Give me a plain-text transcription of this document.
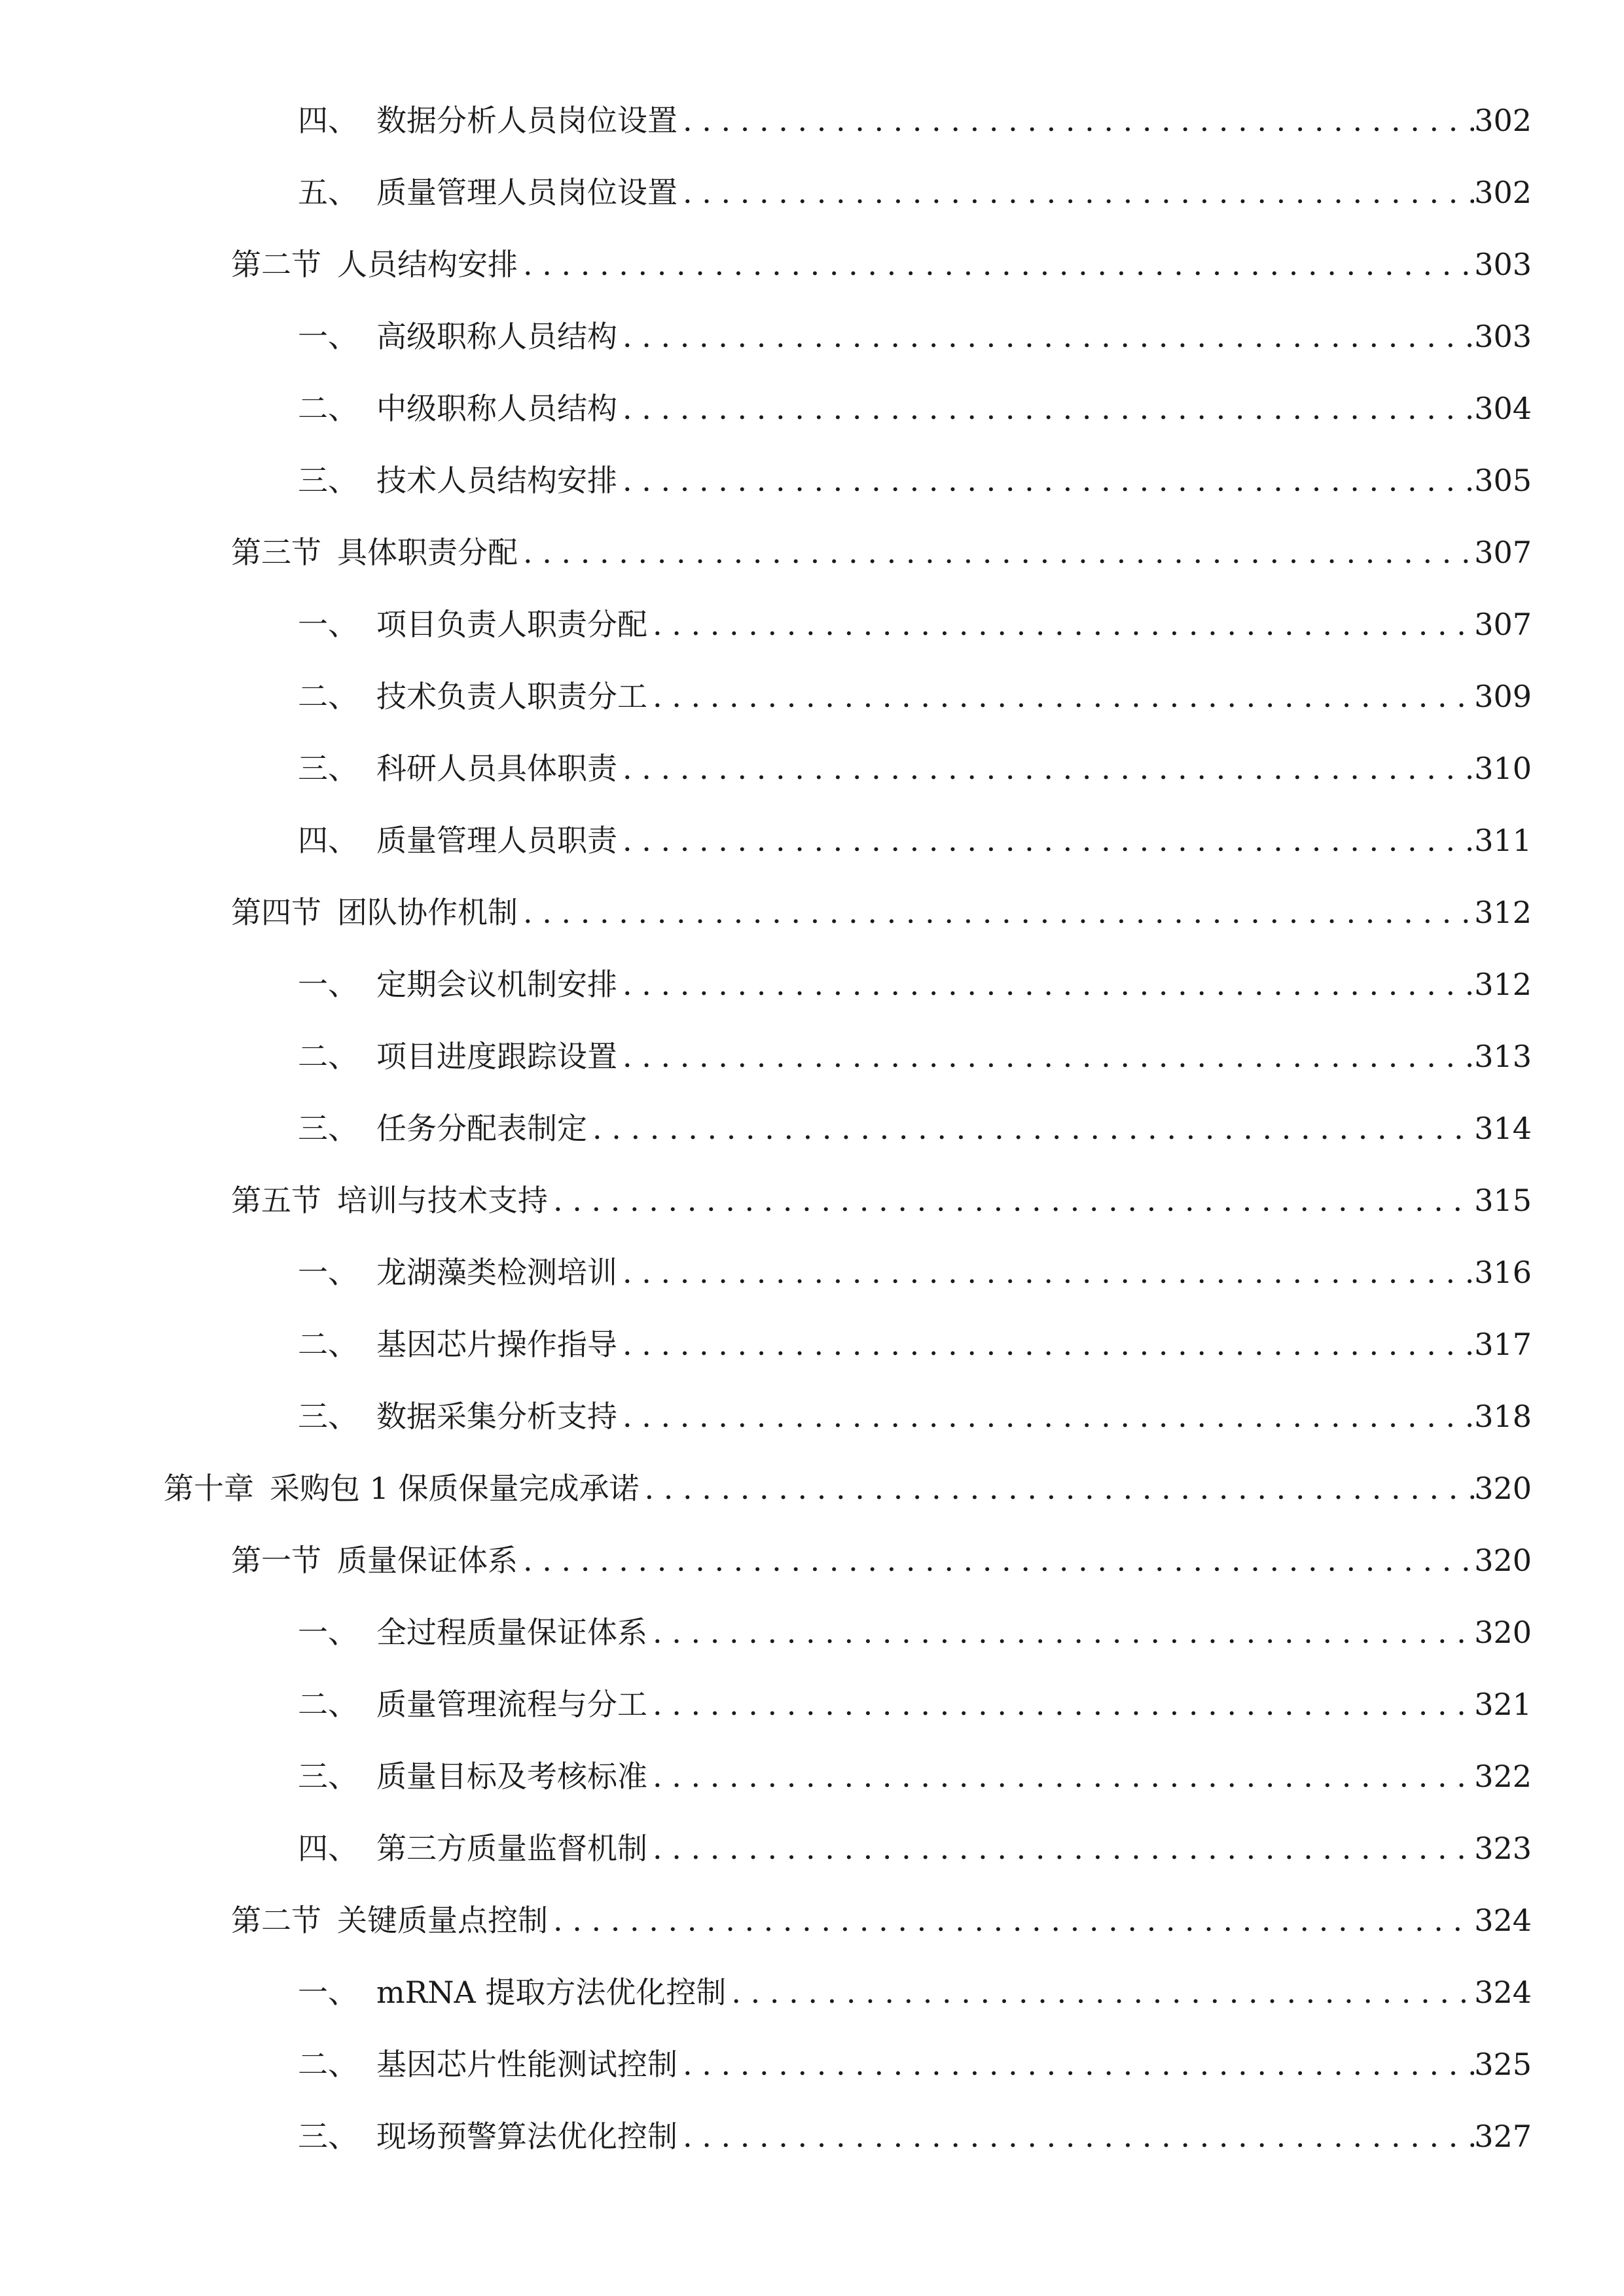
四、 数据分析人员岗位设置 . . .	302
五、 质量管理人员岗位设置 . . .	302
第二节 人员结构安排 . . .	303
一、 高级职称人员结构 . . .	303
二、 中级职称人员结构 . . .	304
三、 技术人员结构安排 . . .	305
第三节 具体职责分配 . . .	307
一、 项目负责人职责分配 . . .	307
二、 技术负责人职责分工 . . .	309
三、 科研人员具体职责 . . .	310
四、 质量管理人员职责 . . .	311
第四节 团队协作机制 . . .	312
一、 定期会议机制安排 . . .	312
二、 项目进度跟踪设置 . . .	313
三、 任务分配表制定 . . .	314
第五节 培训与技术支持 . . .	315
一、 龙湖藻类检测培训 . . .	316
二、 基因芯片操作指导 . . .	317
三、 数据采集分析支持 . . .	318
第十章 采购包 1 保质保量完成承诺 . . .	320
第一节 质量保证体系 . . .	320
一、 全过程质量保证体系 . . .	320
二、 质量管理流程与分工 . . .	321
三、 质量目标及考核标准 . . .	322
四、 第三方质量监督机制 . . .	323
第二节 关键质量点控制 . . .	324
一、 mRNA 提取方法优化控制 . . .	324
二、 基因芯片性能测试控制 . . .	325
三、 现场预警算法优化控制 . . .	327
